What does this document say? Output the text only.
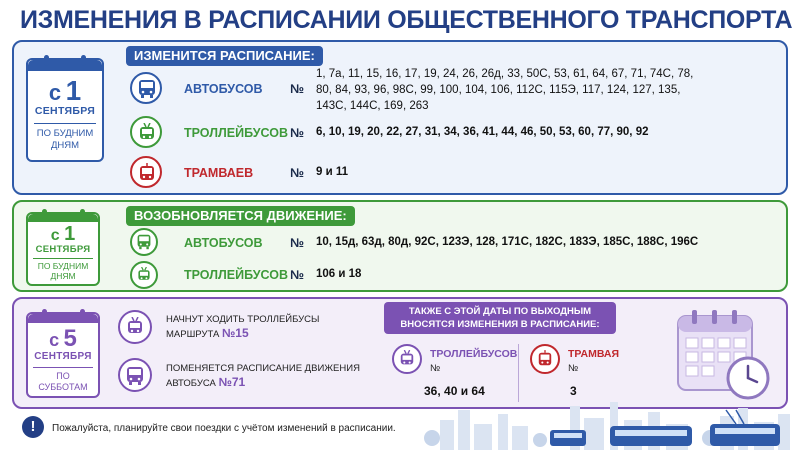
ИЗМЕНЕНИЯ В РАСПИСАНИИ ОБЩЕСТВЕННОГО ТРАНСПОРТА
с 1
СЕНТЯБРЯ
ПО БУДНИМ ДНЯМ
ИЗМЕНИТСЯ РАСПИСАНИЕ:
АВТОБУСОВ №
1, 7а, 11, 15, 16, 17, 19, 24, 26, 26д, 33, 50С, 53, 61, 64, 67, 71, 74С, 78,
80, 84, 93, 96, 98С, 99, 100, 104, 106, 112С, 115Э, 117, 124, 127, 135,
143С, 144С, 169, 263
ТРОЛЛЕЙБУСОВ № 6, 10, 19, 20, 22, 27, 31, 34, 36, 41, 44, 46, 50, 53, 60, 77, 90, 92
ТРАМВАЕВ	№ 9 и 11
с 1
СЕНТЯБРЯ
ПО БУДНИМ ДНЯМ
ВОЗОБНОВЛЯЕТСЯ ДВИЖЕНИЕ:
АВТОБУСОВ № 10, 15д, 63д, 80д, 92С, 123Э, 128, 171С, 182С, 183Э, 185С, 188С, 196С
ТРОЛЛЕЙБУСОВ № 106 и 18
с 5
СЕНТЯБРЯ
ПО СУББОТАМ
НАЧНУТ ХОДИТЬ ТРОЛЛЕЙБУСЫ
МАРШРУТА №15
ПОМЕНЯЕТСЯ РАСПИСАНИЕ ДВИЖЕНИЯ
АВТОБУСА №71
ТАКЖЕ С ЭТОЙ ДАТЫ ПО ВЫХОДНЫМ
ВНОСЯТСЯ ИЗМЕНЕНИЯ В РАСПИСАНИЕ:
ТРОЛЛЕЙБУСОВ
№
36, 40 и 64
ТРАМВАЯ
№
3
!	Пожалуйста, планируйте свои поездки с учётом изменений в расписании.
